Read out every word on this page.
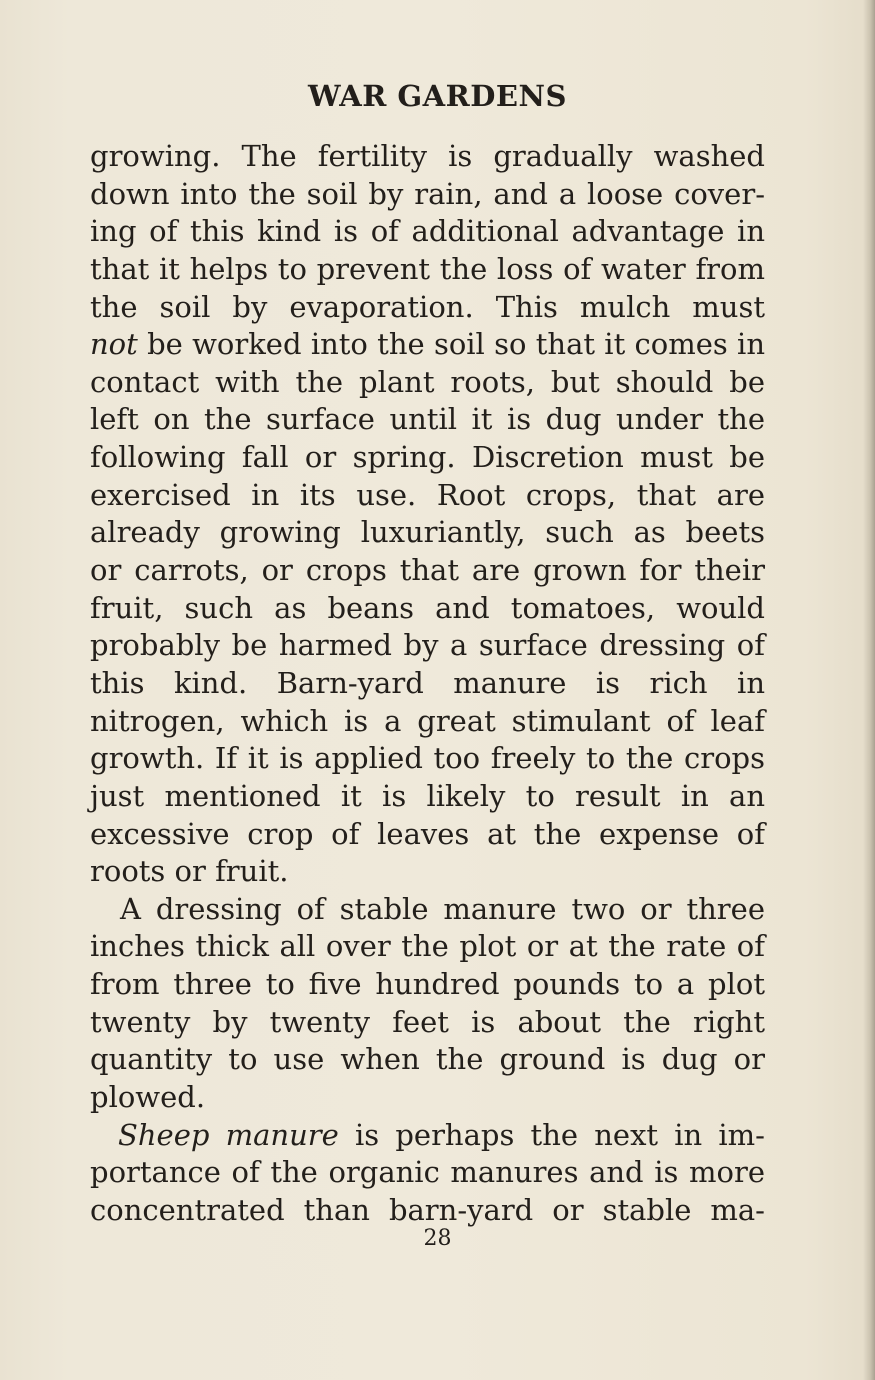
WAR GARDENS
growing. The fertility is gradually washed
down into the soil by rain, and a loose cover-
ing of this kind is of additional advantage in
that it helps to prevent the loss of water from
the soil by evaporation. This mulch must
not be worked into the soil so that it comes in
contact with the plant roots, but should be
left on the surface until it is dug under the
following fall or spring. Discretion must be
exercised in its use. Root crops, that are
already growing luxuriantly, such as beets
or carrots, or crops that are grown for their
fruit, such as beans and tomatoes, would
probably be harmed by a surface dressing of
this kind. Barn-yard manure is rich in
nitrogen, which is a great stimulant of leaf
growth. If it is applied too freely to the crops
just mentioned it is likely to result in an
excessive crop of leaves at the expense of
roots or fruit.
A dressing of stable manure two or three
inches thick all over the plot or at the rate of
from three to five hundred pounds to a plot
twenty by twenty feet is about the right
quantity to use when the ground is dug or
plowed.
Sheep manure is perhaps the next in im-
portance of the organic manures and is more
concentrated than barn-yard or stable ma-
28
